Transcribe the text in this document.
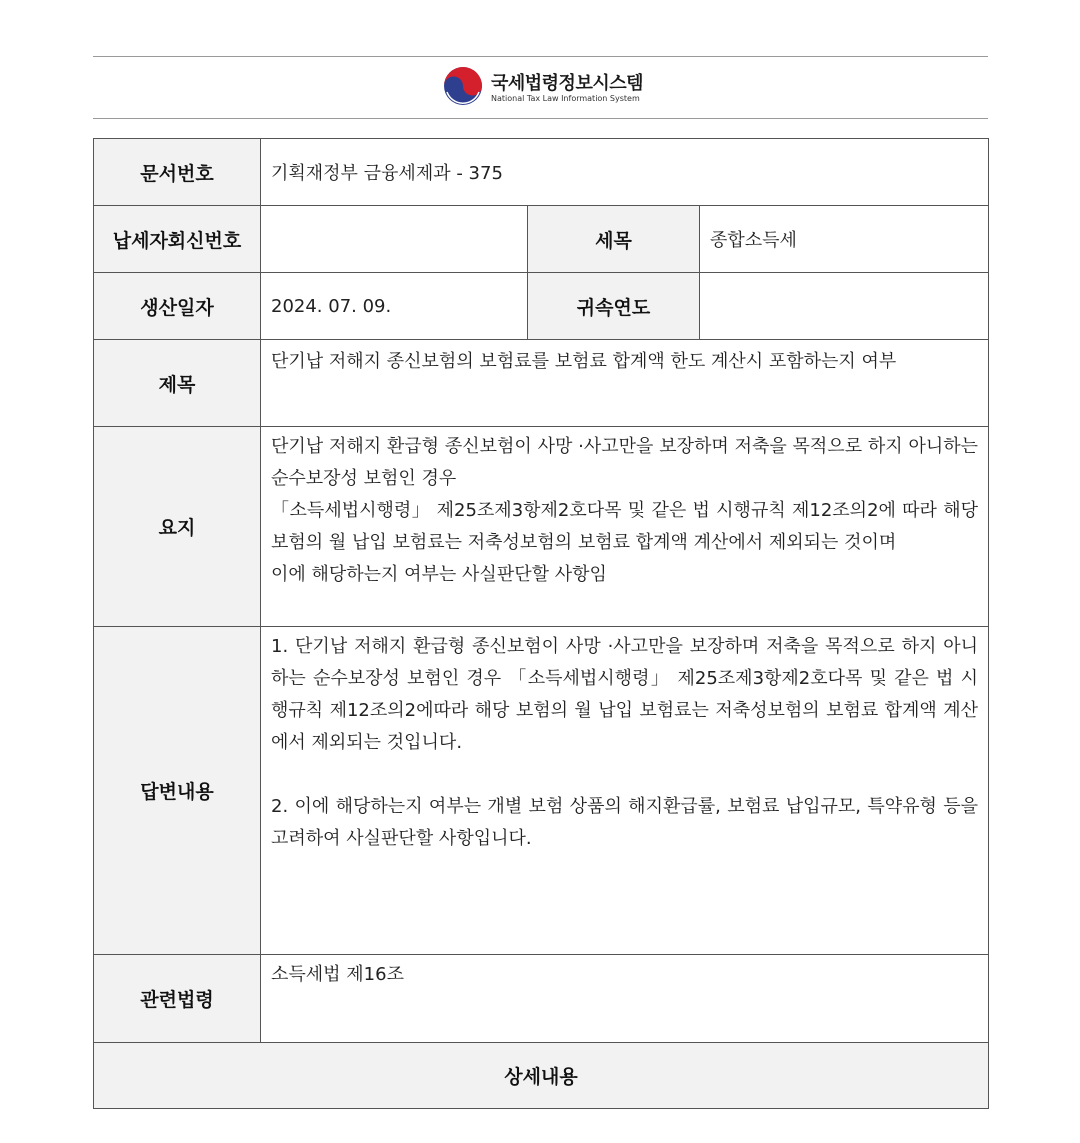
국세법령정보시스템
National Tax Law Information System
문서번호	기획재정부 금융세제과 - 375		
납세자회신번호		세목	종합소득세
생산일자	2024. 07. 09.	귀속연도	
제목	단기납 저해지 종신보험의 보험료를 보험료 합계액 한도 계산시 포함하는지 여부		

요지	단기납 저해지 환급형 종신보험이 사망 ·사고만을 보장하며 저축을 목적으로 하지 아니하는 순수보장성 보험인 경우
「소득세법시행령」 제25조제3항제2호다목 및 같은 법 시행규칙 제12조의2에 따라 해당 보험의 월 납입 보험료는 저축성보험의 보험료 합계액 계산에서 제외되는 것이며
이에 해당하는지 여부는 사실판단할 사항임		

답변내용	1. 단기납 저해지 환급형 종신보험이 사망 ·사고만을 보장하며 저축을 목적으로 하지 아니하는 순수보장성 보험인 경우 「소득세법시행령」 제25조제3항제2호다목 및 같은 법 시행규칙 제12조의2에따라 해당 보험의 월 납입 보험료는 저축성보험의 보험료 합계액 계산에서 제외되는 것입니다.
2. 이에 해당하는지 여부는 개별 보험 상품의 해지환급률, 보험료 납입규모, 특약유형 등을 고려하여 사실판단할 사항입니다.		

관련법령	소득세법 제16조		

상세내용			
